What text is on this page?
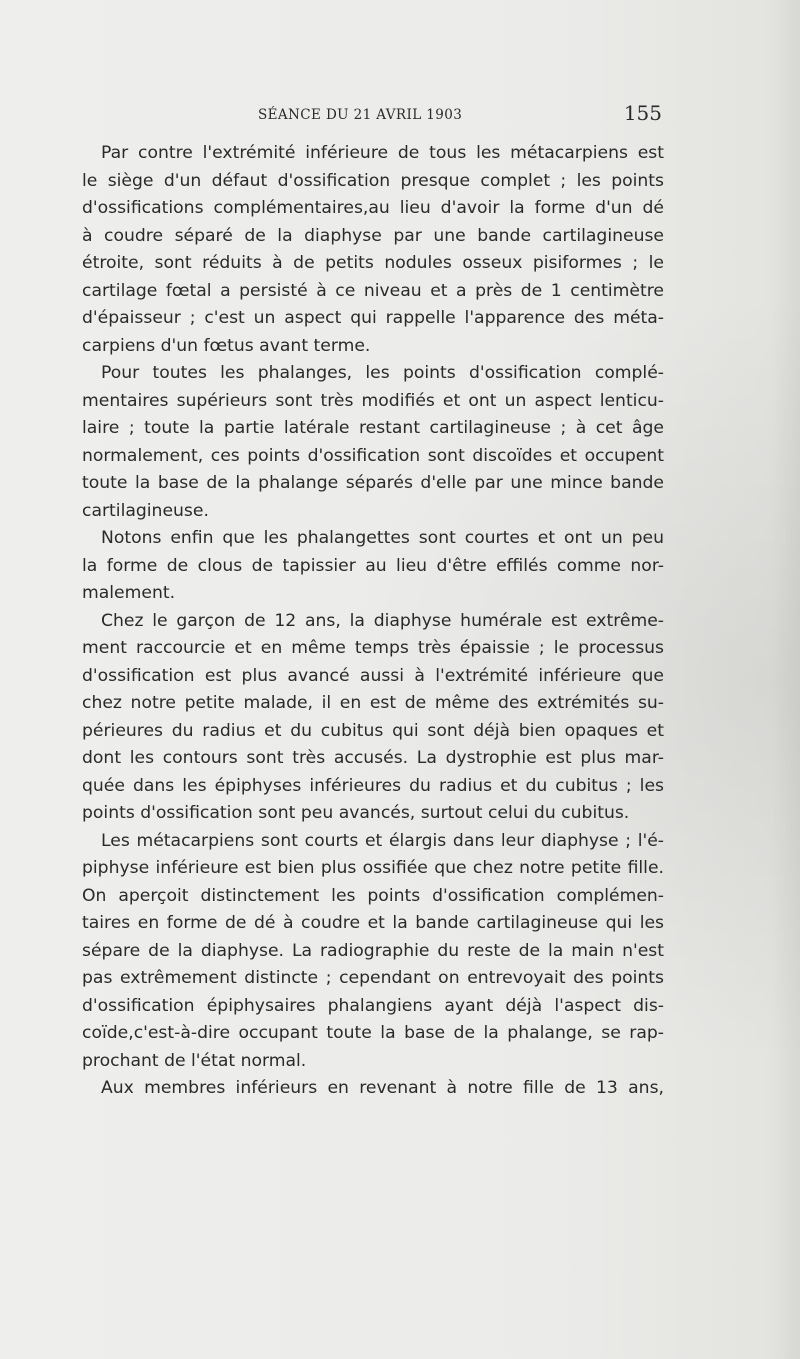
SÉANCE DU 21 AVRIL 1903	155
Par contre l'extrémité inférieure de tous les métacarpiens est
le siège d'un défaut d'ossification presque complet ; les points
d'ossifications complémentaires,au lieu d'avoir la forme d'un dé
à coudre séparé de la diaphyse par une bande cartilagineuse
étroite, sont réduits à de petits nodules osseux pisiformes ; le
cartilage fœtal a persisté à ce niveau et a près de 1 centimètre
d'épaisseur ; c'est un aspect qui rappelle l'apparence des méta-
carpiens d'un fœtus avant terme.
Pour toutes les phalanges, les points d'ossification complé-
mentaires supérieurs sont très modifiés et ont un aspect lenticu-
laire ; toute la partie latérale restant cartilagineuse ; à cet âge
normalement, ces points d'ossification sont discoïdes et occupent
toute la base de la phalange séparés d'elle par une mince bande
cartilagineuse.
Notons enfin que les phalangettes sont courtes et ont un peu
la forme de clous de tapissier au lieu d'être effilés comme nor-
malement.
Chez le garçon de 12 ans, la diaphyse humérale est extrême-
ment raccourcie et en même temps très épaissie ; le processus
d'ossification est plus avancé aussi à l'extrémité inférieure que
chez notre petite malade, il en est de même des extrémités su-
périeures du radius et du cubitus qui sont déjà bien opaques et
dont les contours sont très accusés. La dystrophie est plus mar-
quée dans les épiphyses inférieures du radius et du cubitus ; les
points d'ossification sont peu avancés, surtout celui du cubitus.
Les métacarpiens sont courts et élargis dans leur diaphyse ; l'é-
piphyse inférieure est bien plus ossifiée que chez notre petite fille.
On aperçoit distinctement les points d'ossification complémen-
taires en forme de dé à coudre et la bande cartilagineuse qui les
sépare de la diaphyse. La radiographie du reste de la main n'est
pas extrêmement distincte ; cependant on entrevoyait des points
d'ossification épiphysaires phalangiens ayant déjà l'aspect dis-
coïde,c'est-à-dire occupant toute la base de la phalange, se rap-
prochant de l'état normal.
Aux membres inférieurs en revenant à notre fille de 13 ans,
